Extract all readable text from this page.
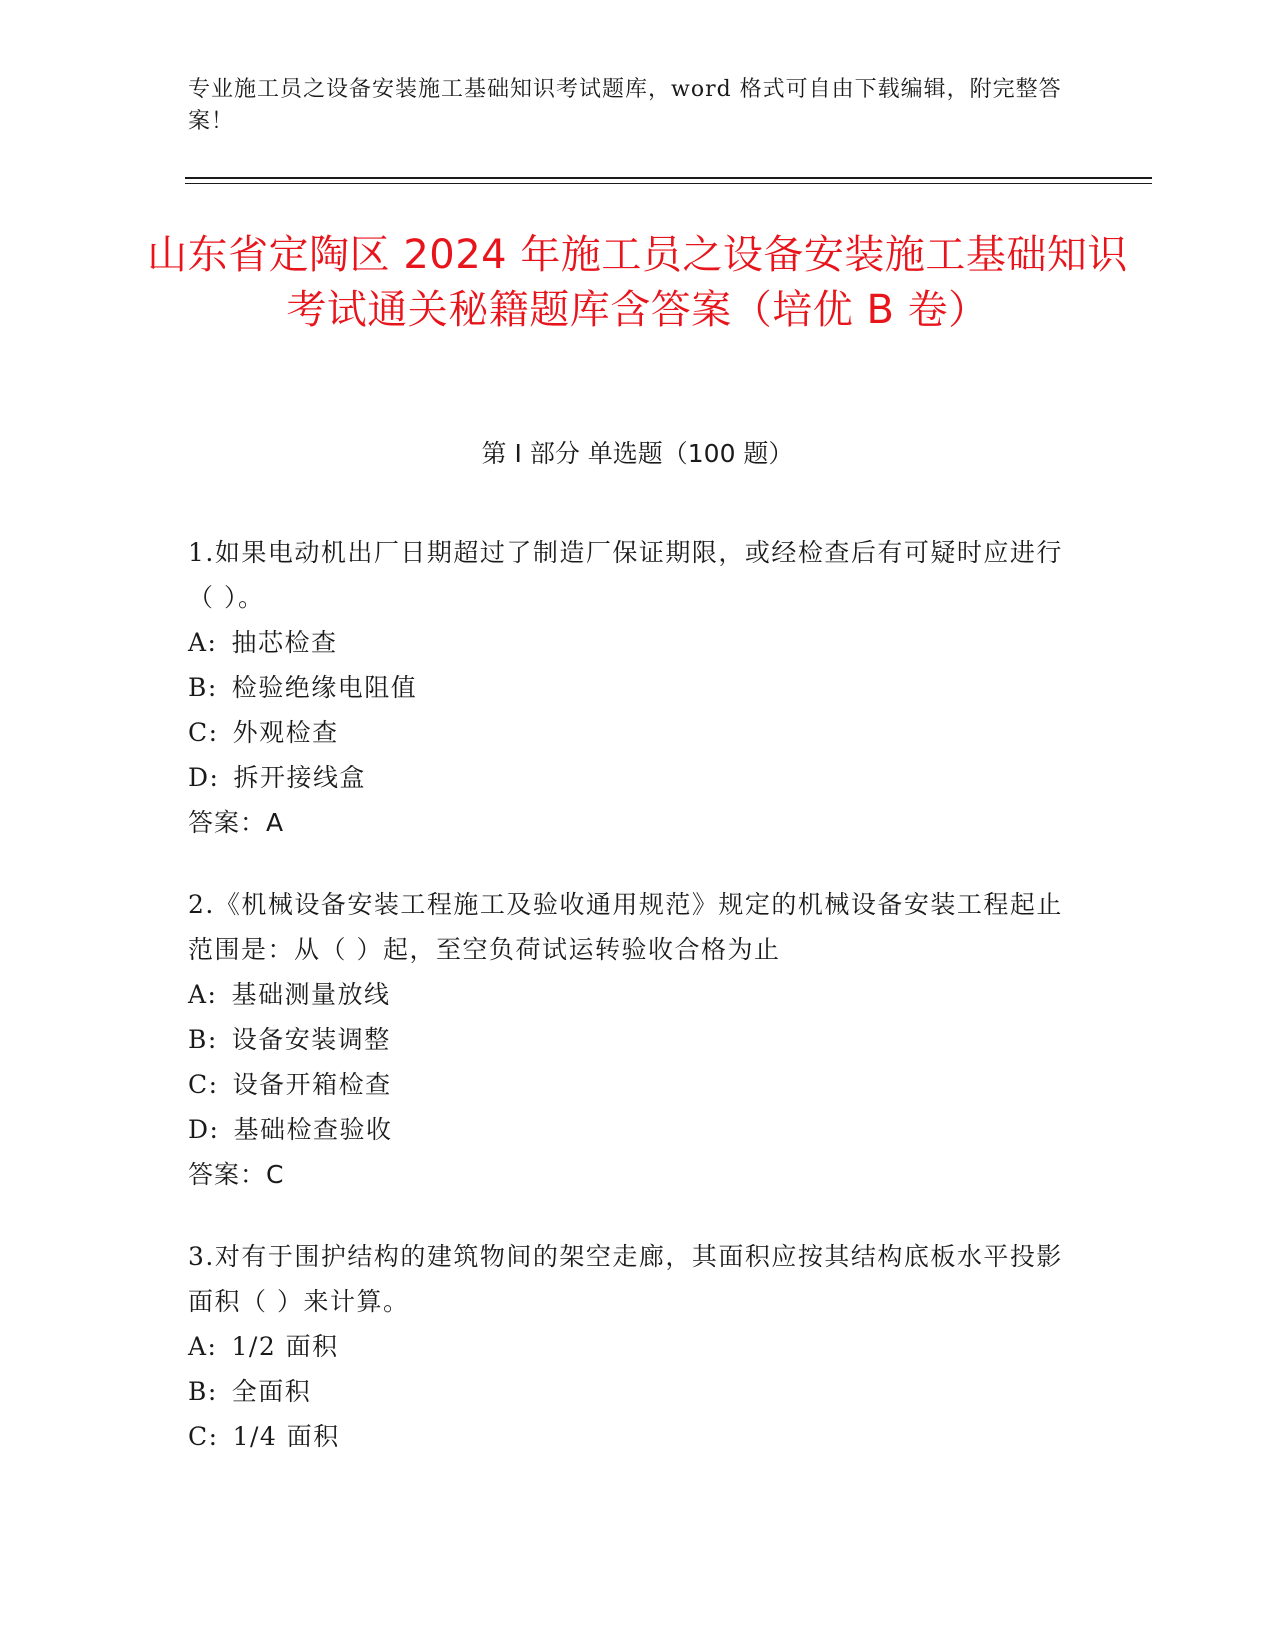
专业施工员之设备安装施工基础知识考试题库，word 格式可自由下载编辑，附完整答案！
山东省定陶区 2024 年施工员之设备安装施工基础知识考试通关秘籍题库含答案（培优 B 卷）
第 I 部分 单选题（100 题）
1.如果电动机出厂日期超过了制造厂保证期限，或经检查后有可疑时应进行（ ）。
A: 抽芯检查
B: 检验绝缘电阻值
C: 外观检查
D: 拆开接线盒
答案：A
2.《机械设备安装工程施工及验收通用规范》规定的机械设备安装工程起止范围是：从（ ）起，至空负荷试运转验收合格为止
A: 基础测量放线
B: 设备安装调整
C: 设备开箱检查
D: 基础检查验收
答案：C
3.对有于围护结构的建筑物间的架空走廊，其面积应按其结构底板水平投影面积（ ）来计算。
A: 1/2 面积
B: 全面积
C: 1/4 面积
